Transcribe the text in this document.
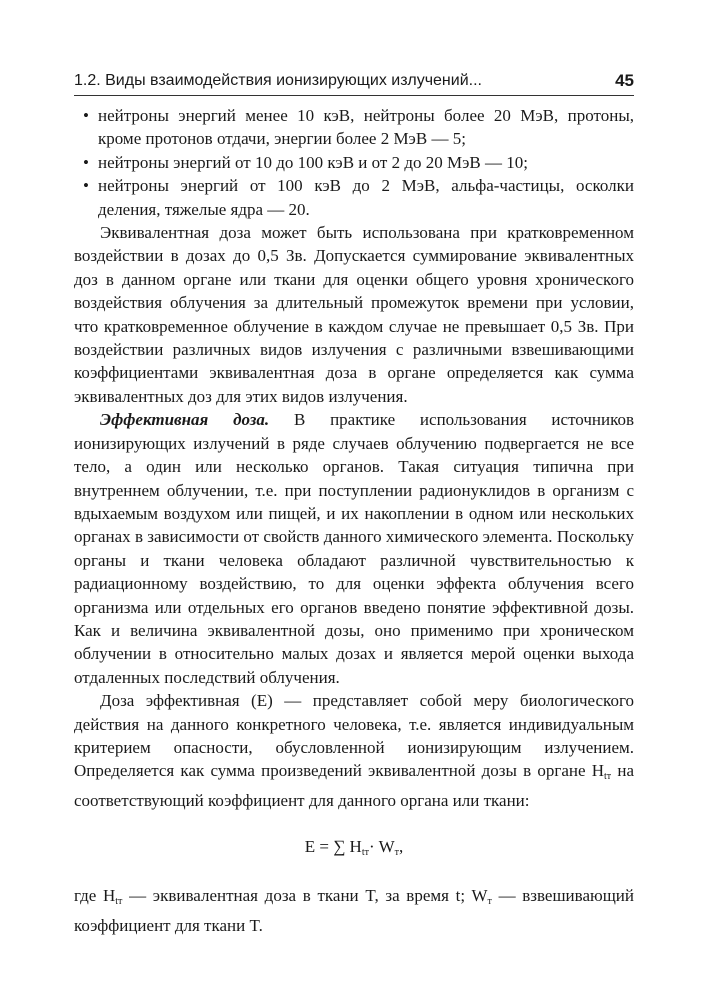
1.2. Виды взаимодействия ионизирующих излучений...	45
• нейтроны энергий менее 10 кэВ, нейтроны более 20 МэВ, протоны, кроме протонов отдачи, энергии более 2 МэВ — 5;
• нейтроны энергий от 10 до 100 кэВ и от 2 до 20 МэВ — 10;
• нейтроны энергий от 100 кэВ до 2 МэВ, альфа-частицы, осколки деления, тяжелые ядра — 20.

Эквивалентная доза может быть использована при кратковременном воздействии в дозах до 0,5 Зв. Допускается суммирование эквивалентных доз в данном органе или ткани для оценки общего уровня хронического воздействия облучения за длительный промежуток времени при условии, что кратковременное облучение в каждом случае не превышает 0,5 Зв. При воздействии различных видов излучения с различными взвешивающими коэффициентами эквивалентная доза в органе определяется как сумма эквивалентных доз для этих видов излучения.

Эффективная доза. В практике использования источников ионизирующих излучений в ряде случаев облучению подвергается не все тело, а один или несколько органов. Такая ситуация типична при внутреннем облучении, т.е. при поступлении радионуклидов в организм с вдыхаемым воздухом или пищей, и их накоплении в одном или нескольких органах в зависимости от свойств данного химического элемента. Поскольку органы и ткани человека обладают различной чувствительностью к радиационному воздействию, то для оценки эффекта облучения всего организма или отдельных его органов введено понятие эффективной дозы. Как и величина эквивалентной дозы, оно применимо при хроническом облучении в относительно малых дозах и является мерой оценки выхода отдаленных последствий облучения.

Доза эффективная (Е) — представляет собой меру биологического действия на данного конкретного человека, т.е. является индивидуальным критерием опасности, обусловленной ионизирующим излучением. Определяется как сумма произведений эквивалентной дозы в органе $H_{tт}$ на соответствующий коэффициент для данного органа или ткани:

E = ∑ Htт· Wт,

где $H_{tт}$ — эквивалентная доза в ткани T, за время t; $W_т$ — взвешивающий коэффициент для ткани T.
